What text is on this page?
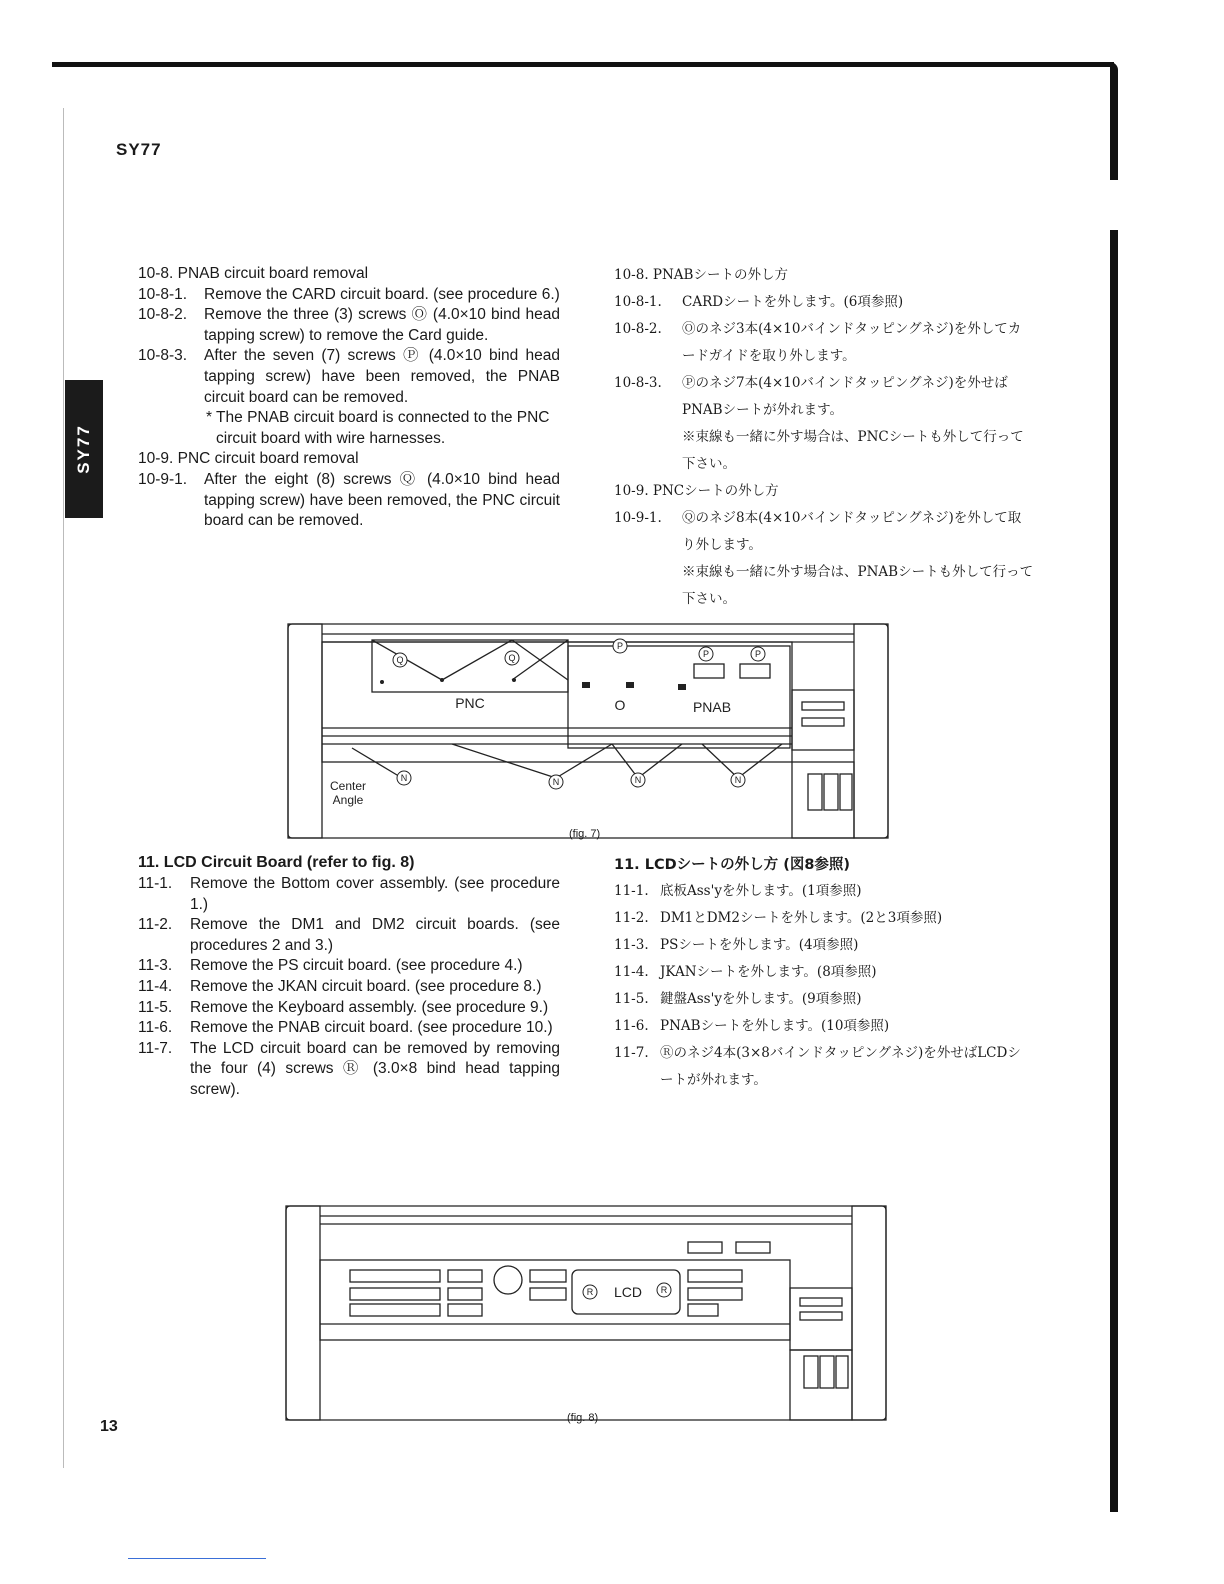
SY77
SY77
13

10-8. PNAB circuit board removal

10-8-1. Remove the CARD circuit board. (see procedure 6.)

10-8-2. Remove the three (3) screws Ⓞ (4.0×10 bind head tapping screw) to remove the Card guide.

10-8-3. After the seven (7) screws Ⓟ (4.0×10 bind head tapping screw) have been removed, the PNAB circuit board can be removed.

* The PNAB circuit board is connected to the PNC circuit board with wire harnesses.

10-9. PNC circuit board removal

10-9-1. After the eight (8) screws Ⓠ (4.0×10 bind head tapping screw) have been removed, the PNC circuit board can be removed.

10-8. PNABシートの外し方

10-8-1. CARDシートを外します。(6項参照)

10-8-2. Ⓞのネジ3本(4×10バインドタッピングネジ)を外してカードガイドを取り外します。

10-8-3. Ⓟのネジ7本(4×10バインドタッピングネジ)を外せばPNABシートが外れます。

※束線も一緒に外す場合は、PNCシートも外して行って下さい。

10-9. PNCシートの外し方

10-9-1. Ⓠのネジ8本(4×10バインドタッピングネジ)を外して取り外します。

※束線も一緒に外す場合は、PNABシートも外して行って下さい。

Q	Q
P
P	P
N	N	N	N
PNC	PNAB
O
Center
Angle
(fig. 7)
11. LCD Circuit Board (refer to fig. 8)

11-1. Remove the Bottom cover assembly. (see procedure 1.)

11-2. Remove the DM1 and DM2 circuit boards. (see procedures 2 and 3.)

11-3. Remove the PS circuit board. (see procedure 4.)

11-4. Remove the JKAN circuit board. (see procedure 8.)

11-5. Remove the Keyboard assembly. (see procedure 9.)

11-6. Remove the PNAB circuit board. (see procedure 10.)

11-7. The LCD circuit board can be removed by removing the four (4) screws Ⓡ (3.0×8 bind head tapping screw).

11. LCDシートの外し方 (図8参照)

11-1. 底板Ass'yを外します。(1項参照)

11-2. DM1とDM2シートを外します。(2と3項参照)

11-3. PSシートを外します。(4項参照)

11-4. JKANシートを外します。(8項参照)

11-5. 鍵盤Ass'yを外します。(9項参照)

11-6. PNABシートを外します。(10項参照)

11-7. Ⓡのネジ4本(3×8バインドタッピングネジ)を外せばLCDシートが外れます。

R	R
LCD
(fig. 8)
